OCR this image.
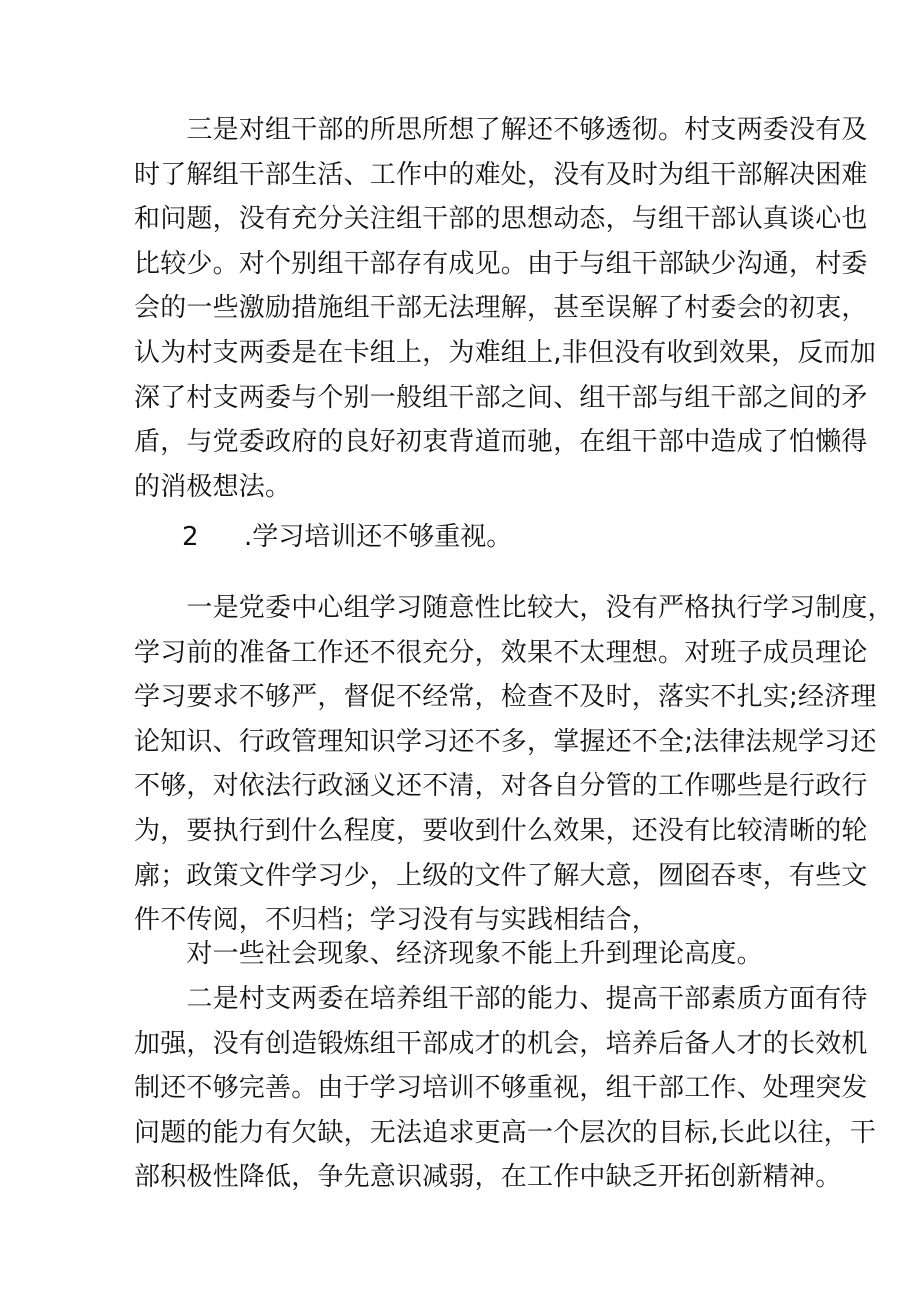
　　三是对组干部的所思所想了解还不够透彻。村支两委没有及
时了解组干部生活、工作中的难处，没有及时为组干部解决困难
和问题，没有充分关注组干部的思想动态，与组干部认真谈心也
比较少。对个别组干部存有成见。由于与组干部缺少沟通，村委
会的一些激励措施组干部无法理解，甚至误解了村委会的初衷，
认为村支两委是在卡组上，为难组上,非但没有收到效果，反而加
深了村支两委与个别一般组干部之间、组干部与组干部之间的矛
盾，与党委政府的良好初衷背道而驰，在组干部中造成了怕懒得
的消极想法。
2 .学习培训还不够重视。
　　一是党委中心组学习随意性比较大，没有严格执行学习制度，
学习前的准备工作还不很充分，效果不太理想。对班子成员理论
学习要求不够严，督促不经常，检查不及时，落实不扎实;经济理
论知识、行政管理知识学习还不多，掌握还不全;法律法规学习还
不够，对依法行政涵义还不清，对各自分管的工作哪些是行政行
为，要执行到什么程度，要收到什么效果，还没有比较清晰的轮
廓；政策文件学习少，上级的文件了解大意，囫囵吞枣，有些文
件不传阅，不归档；学习没有与实践相结合，
　　对一些社会现象、经济现象不能上升到理论高度。
　　二是村支两委在培养组干部的能力、提高干部素质方面有待
加强，没有创造锻炼组干部成才的机会，培养后备人才的长效机
制还不够完善。由于学习培训不够重视，组干部工作、处理突发
问题的能力有欠缺，无法追求更高一个层次的目标,长此以往，干
部积极性降低，争先意识减弱，在工作中缺乏开拓创新精神。
